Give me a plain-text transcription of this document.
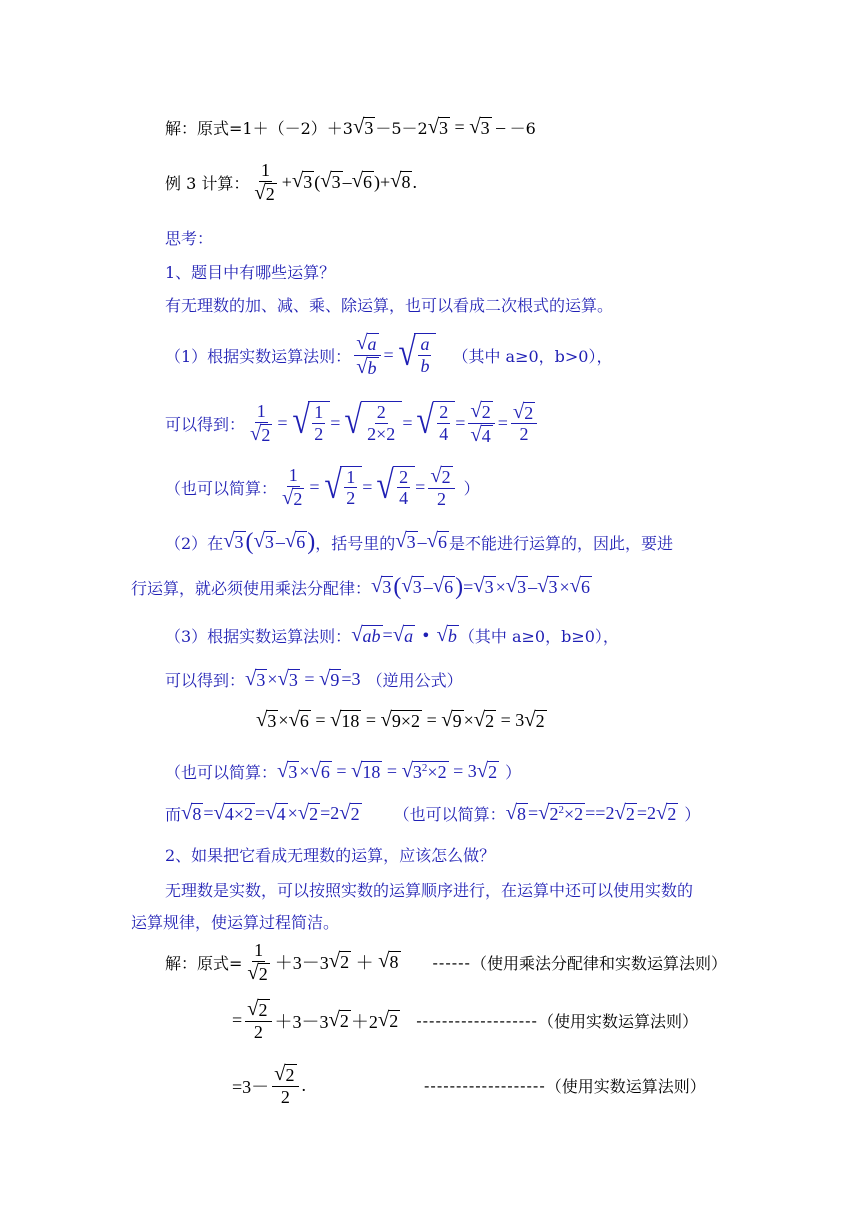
解：原式=1＋（－2）＋3 √ 3 －5－2 √ 3 = √ 3 – －6
例 3 计算： $\frac{1}{√ 2}$ + √ 3 ( √ 3 – √ 6 )+ √ 8 .
思考：
1、题目中有哪些运算？
有无理数的加、减、乘、除运算，也可以看成二次根式的运算。
（1）根据实数运算法则： $\frac{√ a}{√ b}$ = √ $\frac{a}{b}$ （其中 a≥0，b>0），
可以得到： $\frac{1}{√ 2}$ = √ $\frac{1}{2}$ = √ $\frac{2}{2\times 2}$ = √ $\frac{2}{4} = \frac{√ 2}{√ 4} = \frac{√ 2}{2}$
（也可以简算： $\frac{1}{√ 2}$ = √ $\frac{1}{2}$ = √ $\frac{2}{4} = \frac{√ 2}{2}$ ）
（2）在 √ 3 ( √ 3 – √ 6 ) ，括号里的 √ 3 – √ 6 是不能进行运算的，因此，要进
行运算，就必须使用乘法分配律： √ 3 ( √ 3 – √ 6 ) = √ 3 × √ 3 – √ 3 × √ 6
（3）根据实数运算法则： √ ab = √ a • √ b （其中 a≥0，b≥0），
可以得到： √ 3 × √ 3 = √ 9 =3 （逆用公式）
√ 3 × √ 6 = √ 18 = √ 9×2 = √ 9 × √ 2 = 3 √ 2
（也可以简算： √ 3 × √ 6 = √ 18 = √ $3^2\times 2 = 3$ √ 2 ）
而 √ 8 = √ 4×2 = √ 4 × √ 2 =2 √ 2 （也可以简算： √ 8 = √ $2^2\times 2 = =2$ √ 2 =2 √ 2 ）
2、如果把它看成无理数的运算，应该怎么做？
无理数是实数，可以按照实数的运算顺序进行，在运算中还可以使用实数的
运算规律，使运算过程简洁。
解：原式= $\frac{1}{√ 2} +3-3$ √ 2 ＋ √ 8 ------ （使用乘法分配律和实数运算法则）
= $\frac{√ 2}{2} +3-3$ √ 2 ＋2 √ 2 ------------------- （使用实数运算法则）
$=3- \frac{√ 2}{2}$ .	------------------- （使用实数运算法则）
